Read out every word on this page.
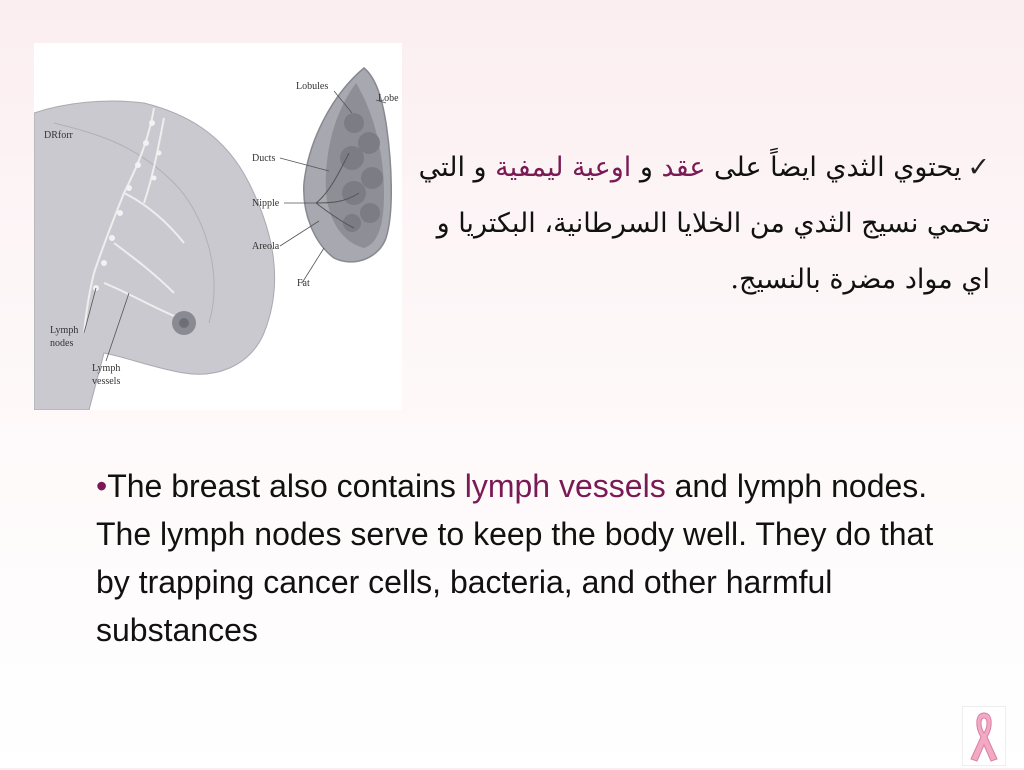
DRforr
Lobules
Lobe
Ducts
Nipple
Areola
Fat
Lymph
nodes
Lymph
vessels
✓يحتوي الثدي ايضاً على عقد و اوعية ليمفية و التي تحمي نسيج الثدي من الخلايا السرطانية، البكتريا و اي مواد مضرة بالنسيج.
•The breast also contains lymph vessels and lymph nodes. The lymph nodes serve to keep the body well. They do that by trapping cancer cells, bacteria, and other harmful substances
